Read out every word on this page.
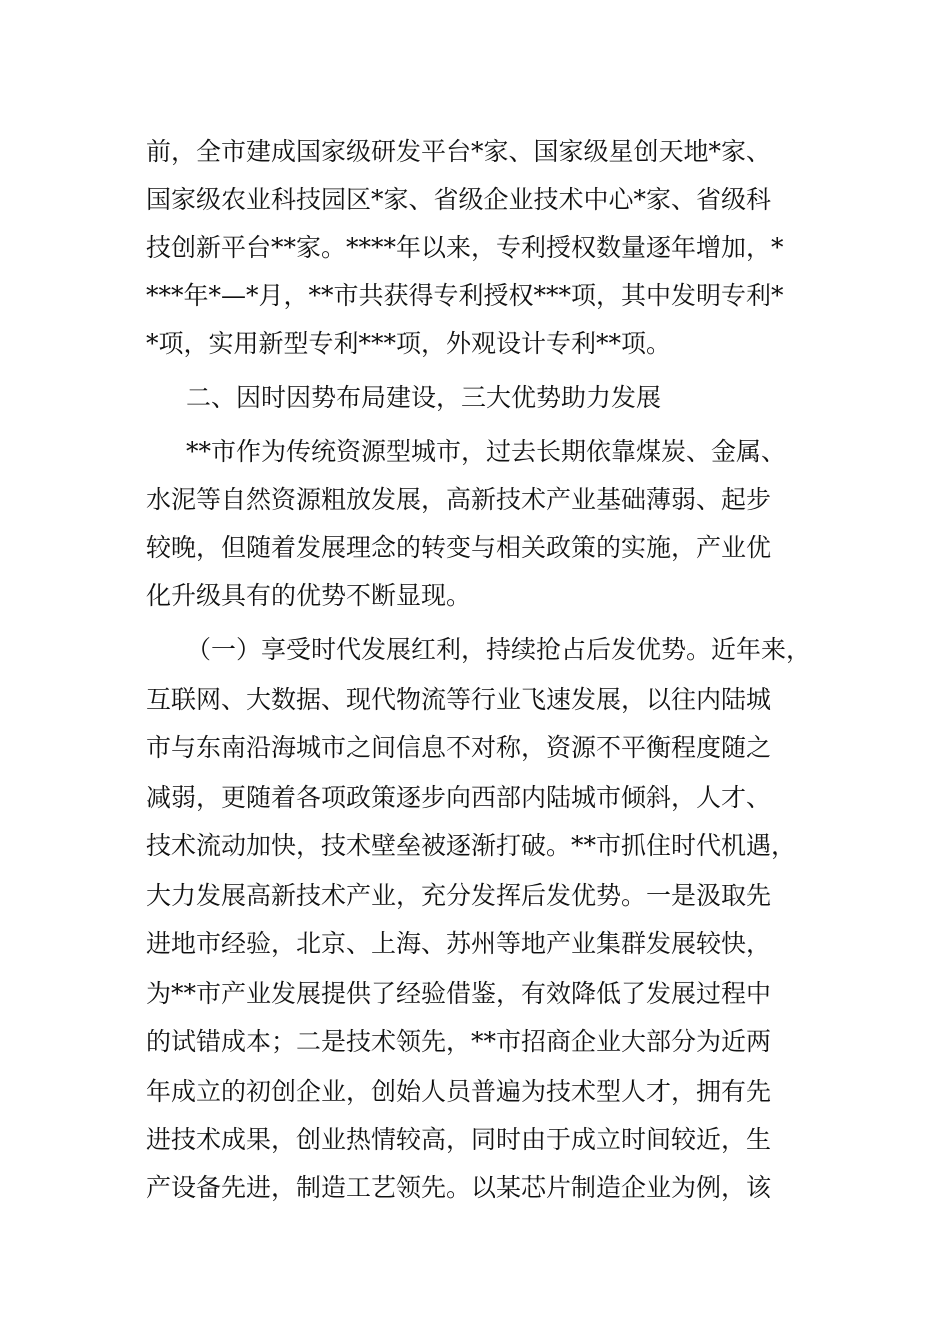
前，全市建成国家级研发平台*家、国家级星创天地*家、
国家级农业科技园区*家、省级企业技术中心*家、省级科
技创新平台**家。****年以来，专利授权数量逐年增加，*
***年*—*月，**市共获得专利授权***项，其中发明专利*
*项，实用新型专利***项，外观设计专利**项。
二、因时因势布局建设，三大优势助力发展
**市作为传统资源型城市，过去长期依靠煤炭、金属、
水泥等自然资源粗放发展，高新技术产业基础薄弱、起步
较晚，但随着发展理念的转变与相关政策的实施，产业优
化升级具有的优势不断显现。
（一）享受时代发展红利，持续抢占后发优势。近年来，
互联网、大数据、现代物流等行业飞速发展，以往内陆城
市与东南沿海城市之间信息不对称，资源不平衡程度随之
减弱，更随着各项政策逐步向西部内陆城市倾斜，人才、
技术流动加快，技术壁垒被逐渐打破。**市抓住时代机遇，
大力发展高新技术产业，充分发挥后发优势。一是汲取先
进地市经验，北京、上海、苏州等地产业集群发展较快，
为**市产业发展提供了经验借鉴，有效降低了发展过程中
的试错成本；二是技术领先，**市招商企业大部分为近两
年成立的初创企业，创始人员普遍为技术型人才，拥有先
进技术成果，创业热情较高，同时由于成立时间较近，生
产设备先进，制造工艺领先。以某芯片制造企业为例，该
